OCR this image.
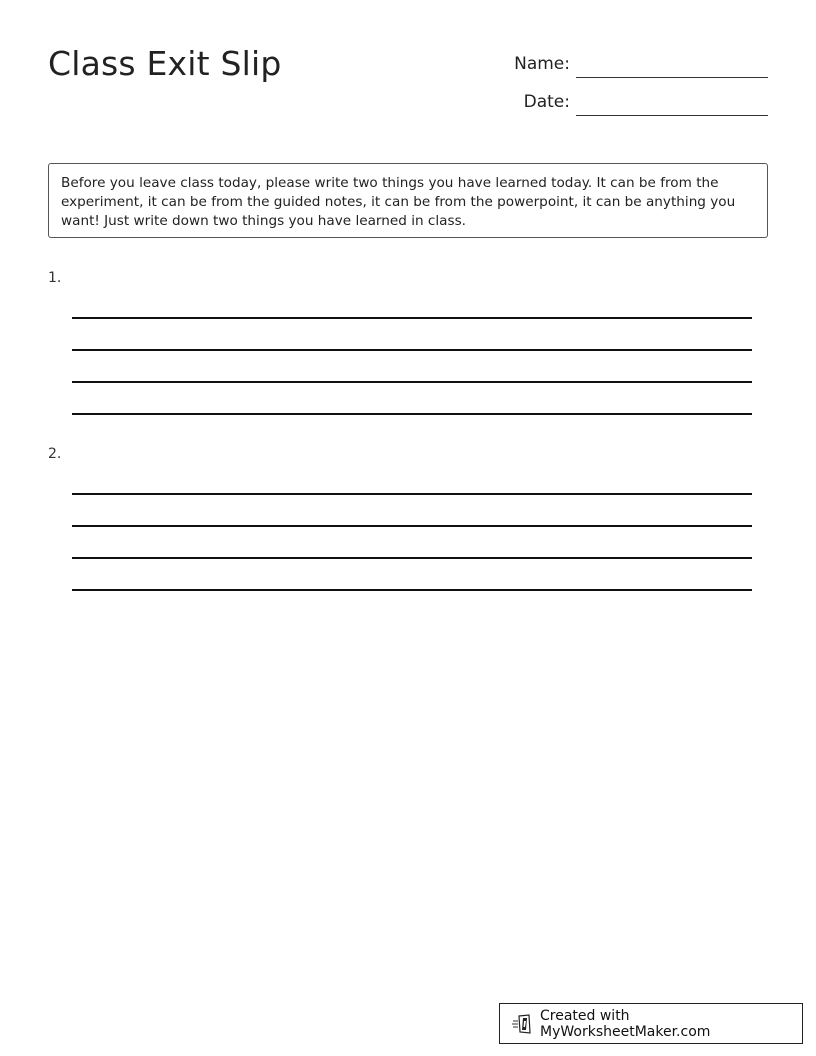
Class Exit Slip	Name:
Date:
Before you leave class today, please write two things you have learned today. It can be from the experiment, it can be from the guided notes, it can be from the powerpoint, it can be anything you want! Just write down two things you have learned in class.
1.
2.
Created with MyWorksheetMaker.com
